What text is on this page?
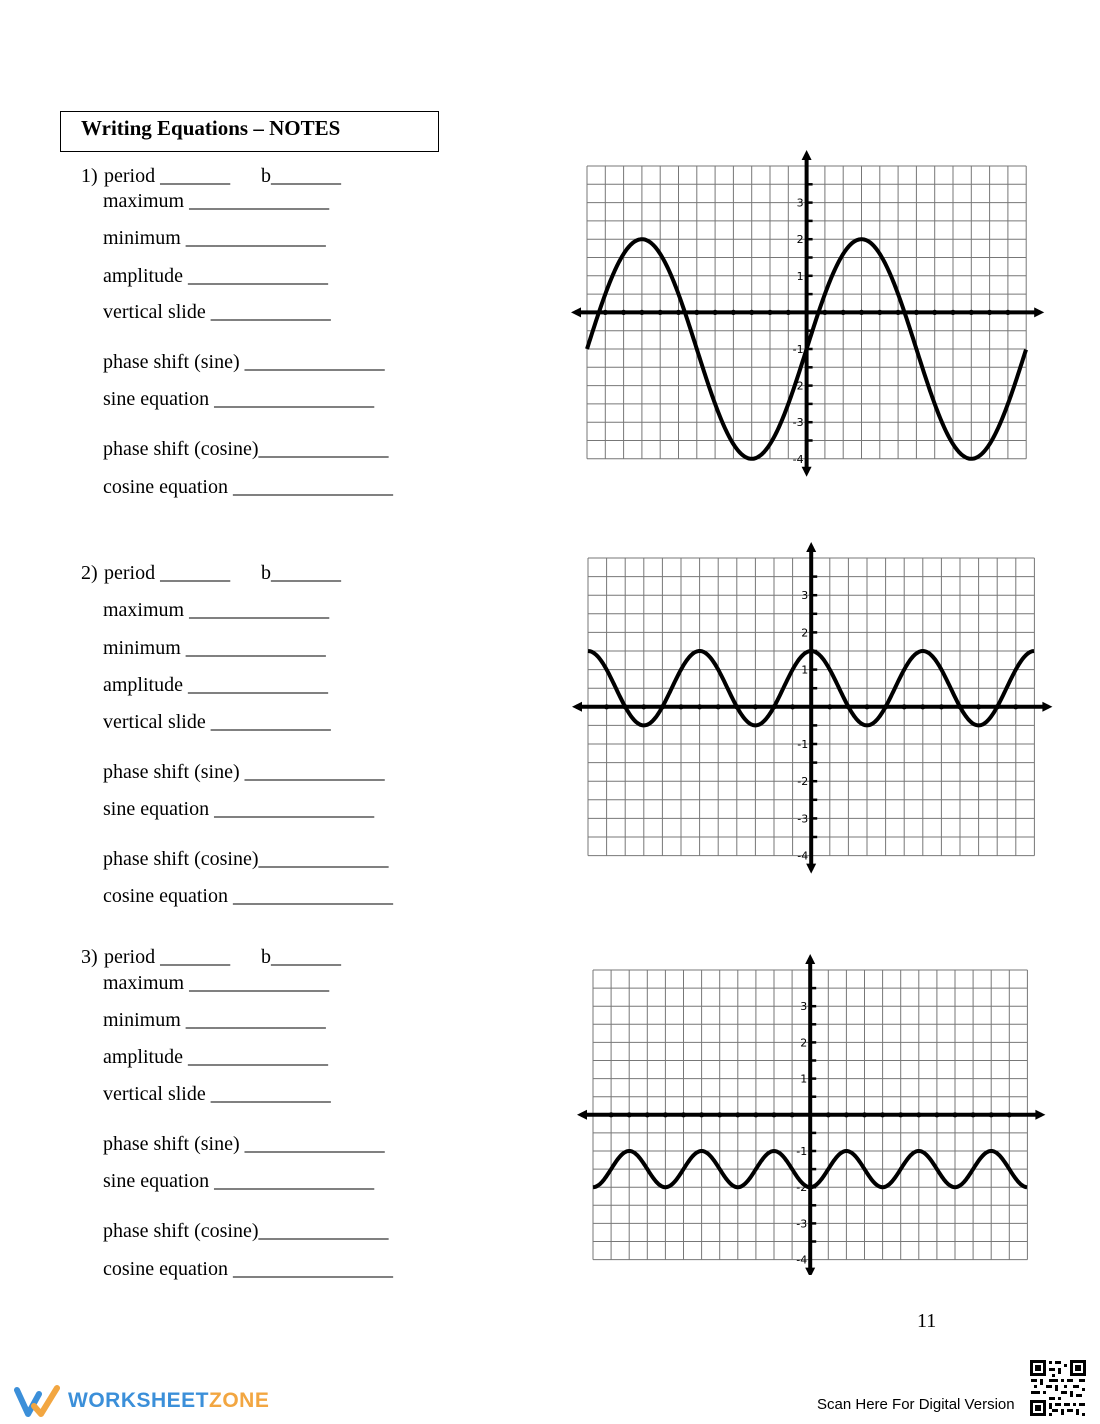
Writing Equations – NOTES
1) period _______ b_______
maximum ______________
minimum ______________
amplitude ______________
vertical slide ____________
phase shift (sine) ______________
sine equation ________________
phase shift (cosine)_____________
cosine equation ________________
2) period _______ b_______
maximum ______________
minimum ______________
amplitude ______________
vertical slide ____________
phase shift (sine) ______________
sine equation ________________
phase shift (cosine)_____________
cosine equation ________________
3) period _______ b_______
maximum ______________
minimum ______________
amplitude ______________
vertical slide ____________
phase shift (sine) ______________
sine equation ________________
phase shift (cosine)_____________
cosine equation ________________
3
2
1
-1
-2
-3
-4
3
2
1
-1
-2
-3
-4
3
2
1
-1
-2
-3
-4
11
WORKSHEETZONE	Scan Here For Digital Version
